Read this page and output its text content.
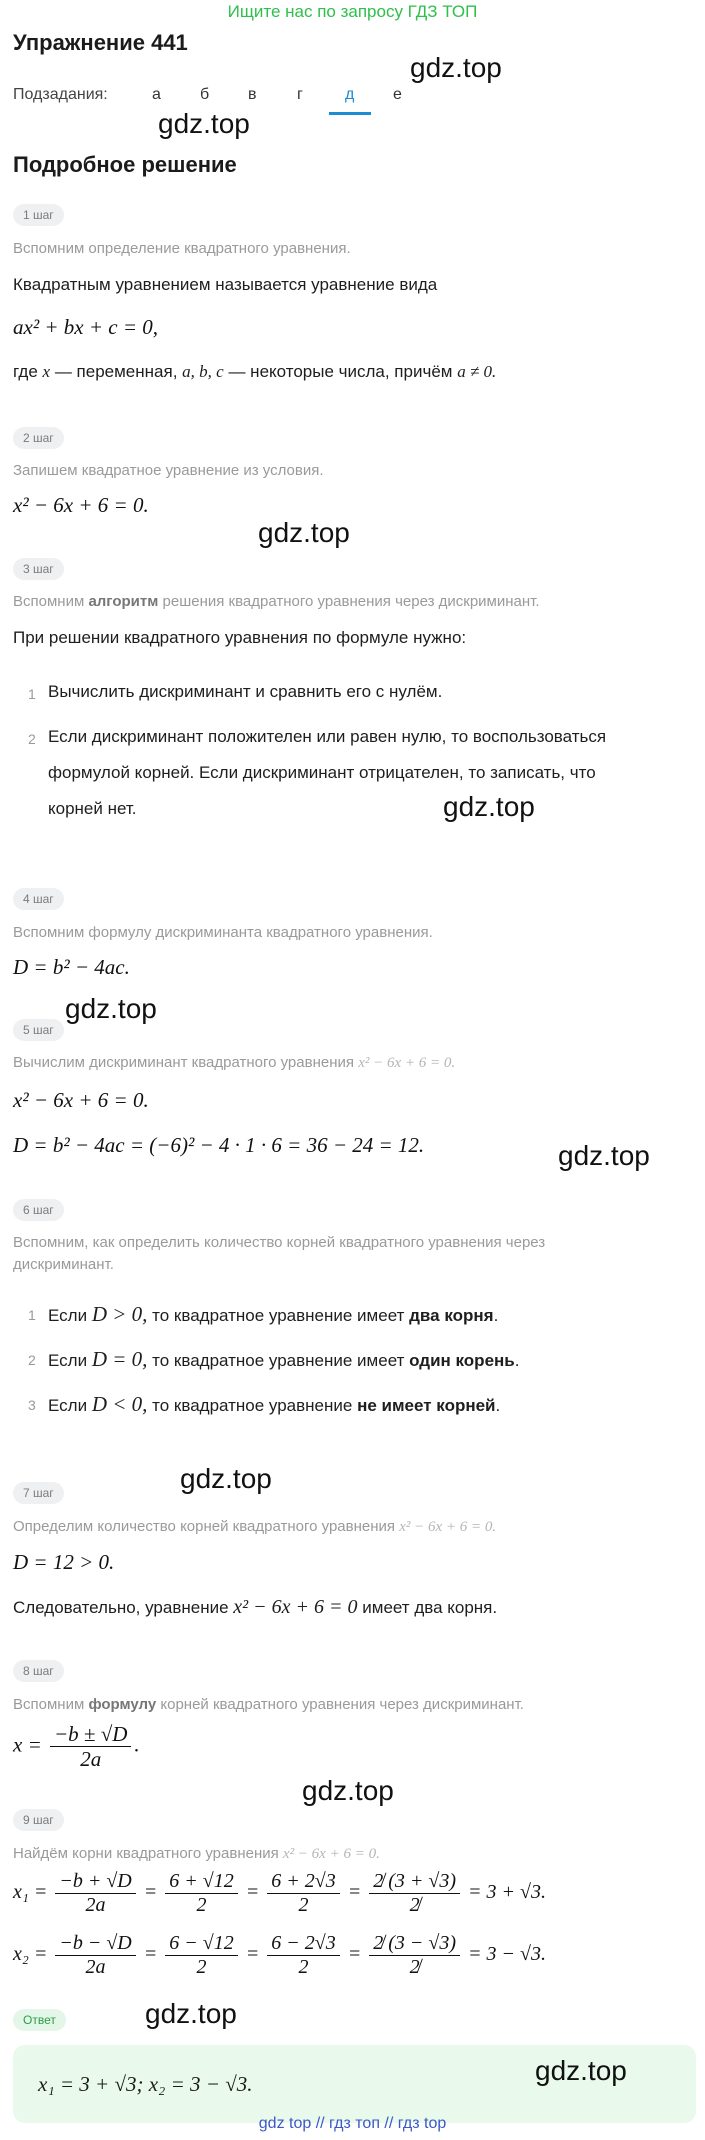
Ищите нас по запросу ГДЗ ТОП
Упражнение 441
Подзадания:	а б в	г	д е
Подробное решение
1 шаг
Вспомним определение квадратного уравнения.
Квадратным уравнением называется уравнение вида
ax² + bx + c = 0,
где x — переменная, a, b, c — некоторые числа, причём a ≠ 0.
2 шаг
Запишем квадратное уравнение из условия.
x² − 6x + 6 = 0.
3 шаг
Вспомним алгоритм решения квадратного уравнения через дискриминант.
При решении квадратного уравнения по формуле нужно:
1 Вычислить дискриминант и сравнить его с нулём.
2 Если дискриминант положителен или равен нулю, то воспользоваться
формулой корней. Если дискриминант отрицателен, то записать, что
корней нет.
4 шаг
Вспомним формулу дискриминанта квадратного уравнения.
D = b² − 4ac.
5 шаг
Вычислим дискриминант квадратного уравнения x² − 6x + 6 = 0.
x² − 6x + 6 = 0.
D = b² − 4ac = (−6)² − 4 · 1 · 6 = 36 − 24 = 12.
6 шаг
Вспомним, как определить количество корней квадратного уравнения через
дискриминант.
1 Если D > 0, то квадратное уравнение имеет два корня.
2 Если D = 0, то квадратное уравнение имеет один корень.
3 Если D < 0, то квадратное уравнение не имеет корней.
7 шаг
Определим количество корней квадратного уравнения x² − 6x + 6 = 0.
D = 12 > 0.
Следовательно, уравнение x² − 6x + 6 = 0 имеет два корня.
8 шаг
Вспомним формулу корней квадратного уравнения через дискриминант.
$x = \frac{-b \pm √D}{2a}$ .
9 шаг
Найдём корни квадратного уравнения x² − 6x + 6 = 0.
$x_1 = \frac{-b + √D}{2a} = \frac{6 + √12}{2} = \frac{6 + 2√3}{2} = \frac{2̸ (3 + √3)}{2̸} = 3 + √3$.
$x_2 = \frac{-b - √D}{2a} = \frac{6 - √12}{2} = \frac{6 - 2√3}{2} = \frac{2̸ (3 - √3)}{2̸} = 3 - √3$.
Ответ
x₁ = 3 + √3; x₂ = 3 − √3.
gdz.top
gdz.top
gdz.top
gdz.top
gdz.top
gdz.top
gdz.top
gdz.top
gdz.top
gdz.top
gdz top // гдз топ // гдз top
